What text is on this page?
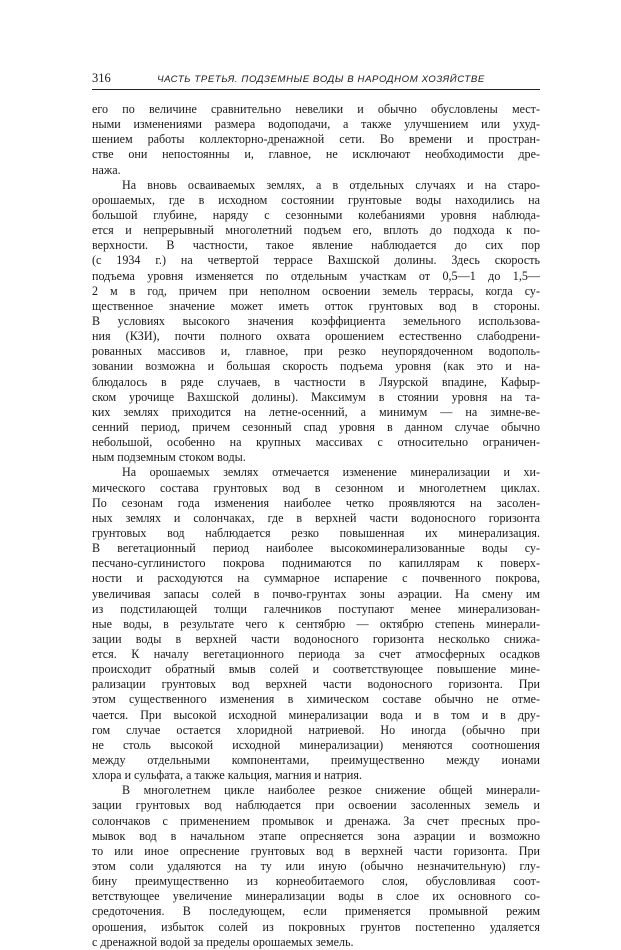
316	ЧАСТЬ ТРЕТЬЯ. ПОДЗЕМНЫЕ ВОДЫ В НАРОДНОМ ХОЗЯЙСТВЕ
его по величине сравнительно невелики и обычно обусловлены мест-
ными изменениями размера водоподачи, а также улучшением или ухуд-
шением работы коллекторно-дренажной сети. Во времени и простран-
стве они непостоянны и, главное, не исключают необходимости дре-
нажа.
На вновь осваиваемых землях, а в отдельных случаях и на старо-
орошаемых, где в исходном состоянии грунтовые воды находились на
большой глубине, наряду с сезонными колебаниями уровня наблюда-
ется и непрерывный многолетний подъем его, вплоть до подхода к по-
верхности. В частности, такое явление наблюдается до сих пор
(с 1934 г.) на четвертой террасе Вахшской долины. Здесь скорость
подъема уровня изменяется по отдельным участкам от 0,5—1 до 1,5—
2 м в год, причем при неполном освоении земель террасы, когда су-
щественное значение может иметь отток грунтовых вод в стороны.
В условиях высокого значения коэффициента земельного использова-
ния (КЗИ), почти полного охвата орошением естественно слабодрени-
рованных массивов и, главное, при резко неупорядоченном водополь-
зовании возможна и большая скорость подъема уровня (как это и на-
блюдалось в ряде случаев, в частности в Ляурской впадине, Кафыр-
ском урочище Вахшской долины). Максимум в стоянии уровня на та-
ких землях приходится на летне-осенний, а минимум — на зимне-ве-
сенний период, причем сезонный спад уровня в данном случае обычно
небольшой, особенно на крупных массивах с относительно ограничен-
ным подземным стоком воды.
На орошаемых землях отмечается изменение минерализации и хи-
мического состава грунтовых вод в сезонном и многолетнем циклах.
По сезонам года изменения наиболее четко проявляются на засолен-
ных землях и солончаках, где в верхней части водоносного горизонта
грунтовых вод наблюдается резко повышенная их минерализация.
В вегетационный период наиболее высокоминерализованные воды су-
песчано-суглинистого покрова поднимаются по капиллярам к поверх-
ности и расходуются на суммарное испарение с почвенного покрова,
увеличивая запасы солей в почво-грунтах зоны аэрации. На смену им
из подстилающей толщи галечников поступают менее минерализован-
ные воды, в результате чего к сентябрю — октябрю степень минерали-
зации воды в верхней части водоносного горизонта несколько снижа-
ется. К началу вегетационного периода за счет атмосферных осадков
происходит обратный вмыв солей и соответствующее повышение мине-
рализации грунтовых вод верхней части водоносного горизонта. При
этом существенного изменения в химическом составе обычно не отме-
чается. При высокой исходной минерализации вода и в том и в дру-
гом случае остается хлоридной натриевой. Но иногда (обычно при
не столь высокой исходной минерализации) меняются соотношения
между отдельными компонентами, преимущественно между ионами
хлора и сульфата, а также кальция, магния и натрия.
В многолетнем цикле наиболее резкое снижение общей минерали-
зации грунтовых вод наблюдается при освоении засоленных земель и
солончаков с применением промывок и дренажа. За счет пресных про-
мывок вод в начальном этапе опресняется зона аэрации и возможно
то или иное опреснение грунтовых вод в верхней части горизонта. При
этом соли удаляются на ту или иную (обычно незначительную) глу-
бину преимущественно из корнеобитаемого слоя, обусловливая соот-
ветствующее увеличение минерализации воды в слое их основного со-
средоточения. В последующем, если применяется промывной режим
орошения, избыток солей из покровных грунтов постепенно удаляется
с дренажной водой за пределы орошаемых земель.
